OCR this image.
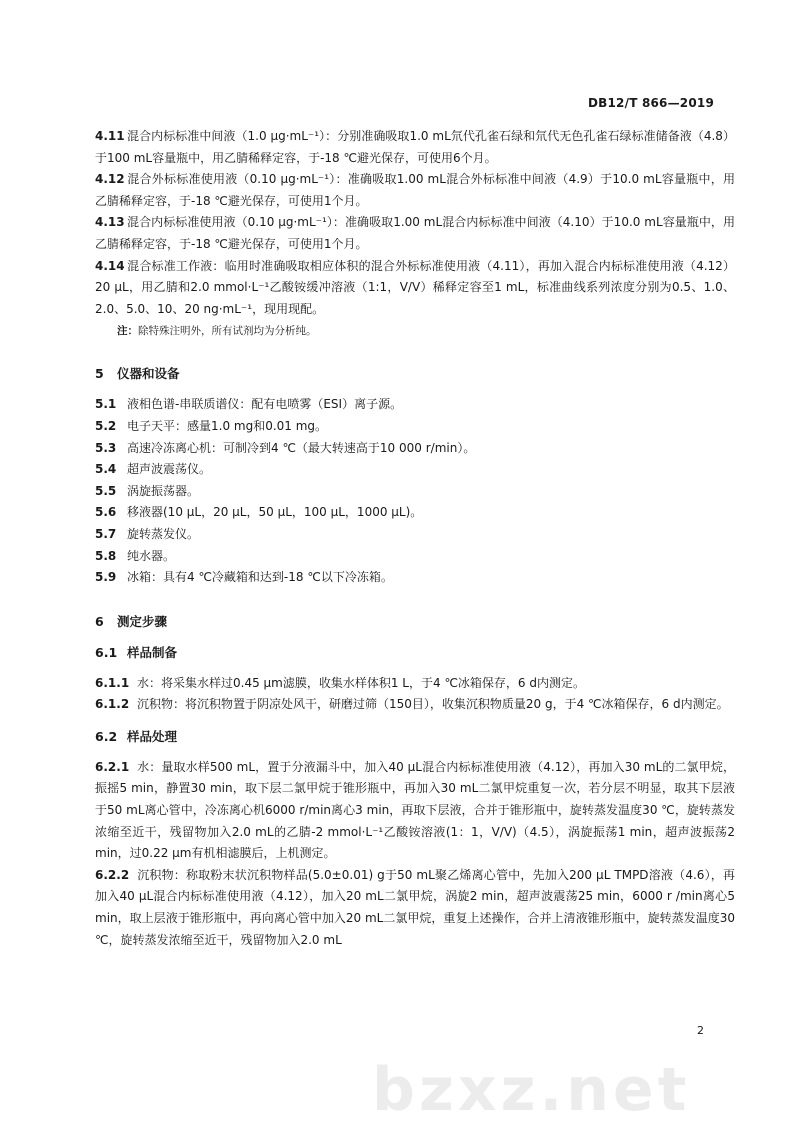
DB12/T 866—2019

4.11 混合内标标准中间液（1.0 μg·mL⁻¹）：分别准确吸取1.0 mL氘代孔雀石绿和氘代无色孔雀石绿标准储备液（4.8）于100 mL容量瓶中，用乙腈稀释定容，于-18 ℃避光保存，可使用6个月。

4.12 混合外标标准使用液（0.10 μg·mL⁻¹）：准确吸取1.00 mL混合外标标准中间液（4.9）于10.0 mL容量瓶中，用乙腈稀释定容，于-18 ℃避光保存，可使用1个月。

4.13 混合内标标准使用液（0.10 μg·mL⁻¹）：准确吸取1.00 mL混合内标标准中间液（4.10）于10.0 mL容量瓶中，用乙腈稀释定容，于-18 ℃避光保存，可使用1个月。

4.14 混合标准工作液：临用时准确吸取相应体积的混合外标标准使用液（4.11），再加入混合内标标准使用液（4.12）20 μL，用乙腈和2.0 mmol·L⁻¹乙酸铵缓冲溶液（1:1，V/V）稀释定容至1 mL，标准曲线系列浓度分别为0.5、1.0、2.0、5.0、10、20 ng·mL⁻¹，现用现配。

注：除特殊注明外，所有试剂均为分析纯。

5 仪器和设备

5.1 液相色谱-串联质谱仪：配有电喷雾（ESI）离子源。

5.2 电子天平：感量1.0 mg和0.01 mg。

5.3 高速冷冻离心机：可制冷到4 ℃（最大转速高于10 000 r/min）。

5.4 超声波震荡仪。

5.5 涡旋振荡器。

5.6 移液器(10 μL，20 μL，50 μL，100 μL，1000 μL)。

5.7 旋转蒸发仪。

5.8 纯水器。

5.9 冰箱：具有4 ℃冷藏箱和达到-18 ℃以下冷冻箱。

6 测定步骤

6.1 样品制备

6.1.1 水：将采集水样过0.45 μm滤膜，收集水样体积1 L，于4 ℃冰箱保存，6 d内测定。

6.1.2 沉积物：将沉积物置于阴凉处风干，研磨过筛（150目），收集沉积物质量20 g，于4 ℃冰箱保存，6 d内测定。

6.2 样品处理

6.2.1 水：量取水样500 mL，置于分液漏斗中，加入40 μL混合内标标准使用液（4.12），再加入30 mL的二氯甲烷，振摇5 min，静置30 min，取下层二氯甲烷于锥形瓶中，再加入30 mL二氯甲烷重复一次，若分层不明显，取其下层液于50 mL离心管中，冷冻离心机6000 r/min离心3 min，再取下层液，合并于锥形瓶中，旋转蒸发温度30 ℃，旋转蒸发浓缩至近干，残留物加入2.0 mL的乙腈-2 mmol·L⁻¹乙酸铵溶液(1：1，V/V)（4.5），涡旋振荡1 min，超声波振荡2 min，过0.22 μm有机相滤膜后，上机测定。

6.2.2 沉积物：称取粉末状沉积物样品(5.0±0.01) g于50 mL聚乙烯离心管中，先加入200 μL TMPD溶液（4.6），再加入40 μL混合内标标准使用液（4.12），加入20 mL二氯甲烷，涡旋2 min，超声波震荡25 min，6000 r /min离心5 min，取上层液于锥形瓶中，再向离心管中加入20 mL二氯甲烷，重复上述操作，合并上清液锥形瓶中，旋转蒸发温度30 ℃，旋转蒸发浓缩至近干，残留物加入2.0 mL

bzxz.net
2
